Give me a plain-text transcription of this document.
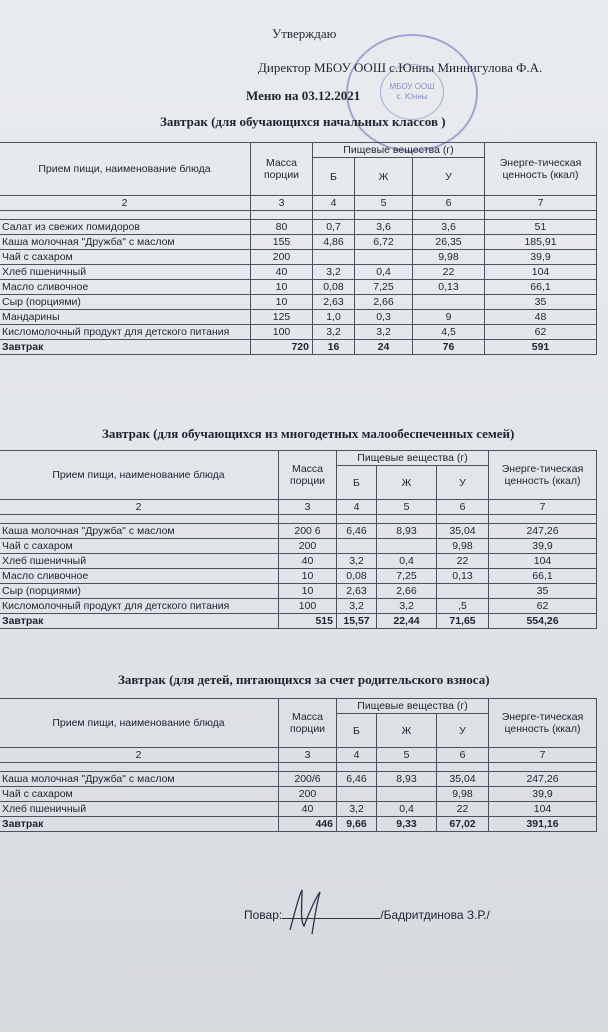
Утверждаю
Директор МБОУ ООШ с.Юнны Миннигулова Ф.А.
МБОУ ООШ
с. Юнны
Меню на 03.12.2021
Завтрак (для обучающихся начальных классов )
Прием пищи, наименование блюда	Масса порции	Пищевые вещества (г)			Энерге-тическая ценность (ккал)
		Б	Ж	У	
2	3	4	5	6	7

Салат из свежих помидоров	80	0,7	3,6	3,6	51
Каша молочная "Дружба" с маслом	155	4,86	6,72	26,35	185,91
Чай с сахаром	200			9,98	39,9
Хлеб пшеничный	40	3,2	0,4	22	104
Масло сливочное	10	0,08	7,25	0,13	66,1
Сыр (порциями)	10	2,63	2,66		35
Мандарины	125	1,0	0,3	9	48
Кисломолочный продукт для детского питания	100	3,2	3,2	4,5	62
Завтрак	720	16	24	76	591
Завтрак (для обучающихся из многодетных малообеспеченных семей)
Прием пищи, наименование блюда	Масса порции	Пищевые вещества (г)			Энерге-тическая ценность (ккал)
		Б	Ж	У	
2	3	4	5	6	7

Каша молочная "Дружба" с маслом	200 6	6,46	8,93	35,04	247,26
Чай с сахаром	200			9,98	39,9
Хлеб пшеничный	40	3,2	0,4	22	104
Масло сливочное	10	0,08	7,25	0,13	66,1
Сыр (порциями)	10	2,63	2,66		35
Кисломолочный продукт для детского питания	100	3,2	3,2	,5	62
Завтрак	515	15,57	22,44	71,65	554,26
Завтрак (для детей, питающихся за счет родительского взноса)
Прием пищи, наименование блюда	Масса порции	Пищевые вещества (г)			Энерге-тическая ценность (ккал)
		Б	Ж	У	
2	3	4	5	6	7

Каша молочная "Дружба" с маслом	200/6	6,46	8,93	35,04	247,26
Чай с сахаром	200			9,98	39,9
Хлеб пшеничный	40	3,2	0,4	22	104
Завтрак	446	9,66	9,33	67,02	391,16
Повар:	/Бадритдинова З.Р./
